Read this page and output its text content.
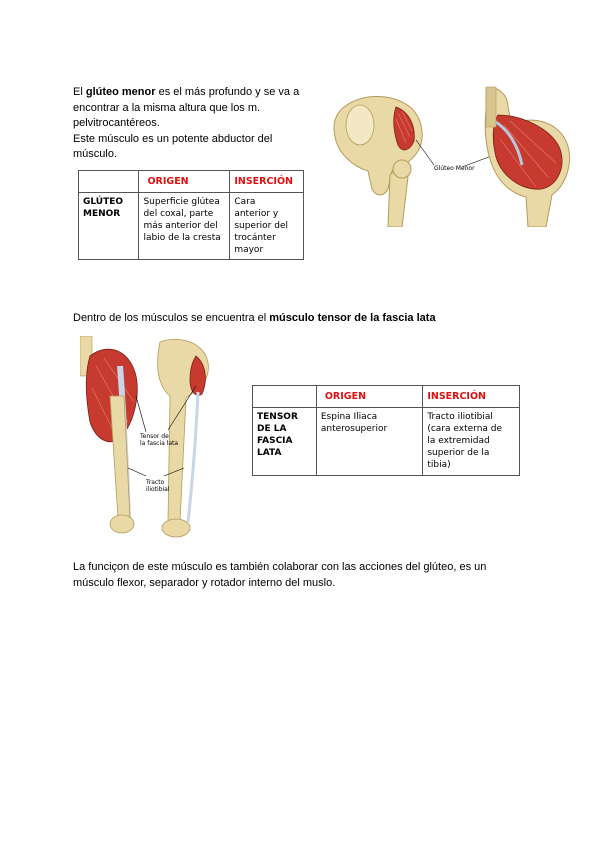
El glúteo menor es el más profundo y se va a
encontrar a la misma altura que los m.
pelvitrocantéreos.
Este músculo es un potente abductor del
músculo.
	ORIGEN	INSERCIÓN

GLÚTEO
MENOR	Superficie glútea
del coxal, parte
más anterior del
labio de la cresta	Cara
anterior y
superior del
trocánter
mayor
Glúteo Menor
Dentro de los músculos se encuentra el músculo tensor de la fascia lata
Tensor de
la fascia lata
Tracto
iliotibial
	ORIGEN	INSERCIÓN

TENSOR
DE LA
FASCIA
LATA	Espina Iliaca
anterosuperior	Tracto iliotibial
(cara externa de
la extremidad
superior de la
tibia)
La funciçon de este músculo es también colaborar con las acciones del glúteo, es un
músculo flexor, separador y rotador interno del muslo.
